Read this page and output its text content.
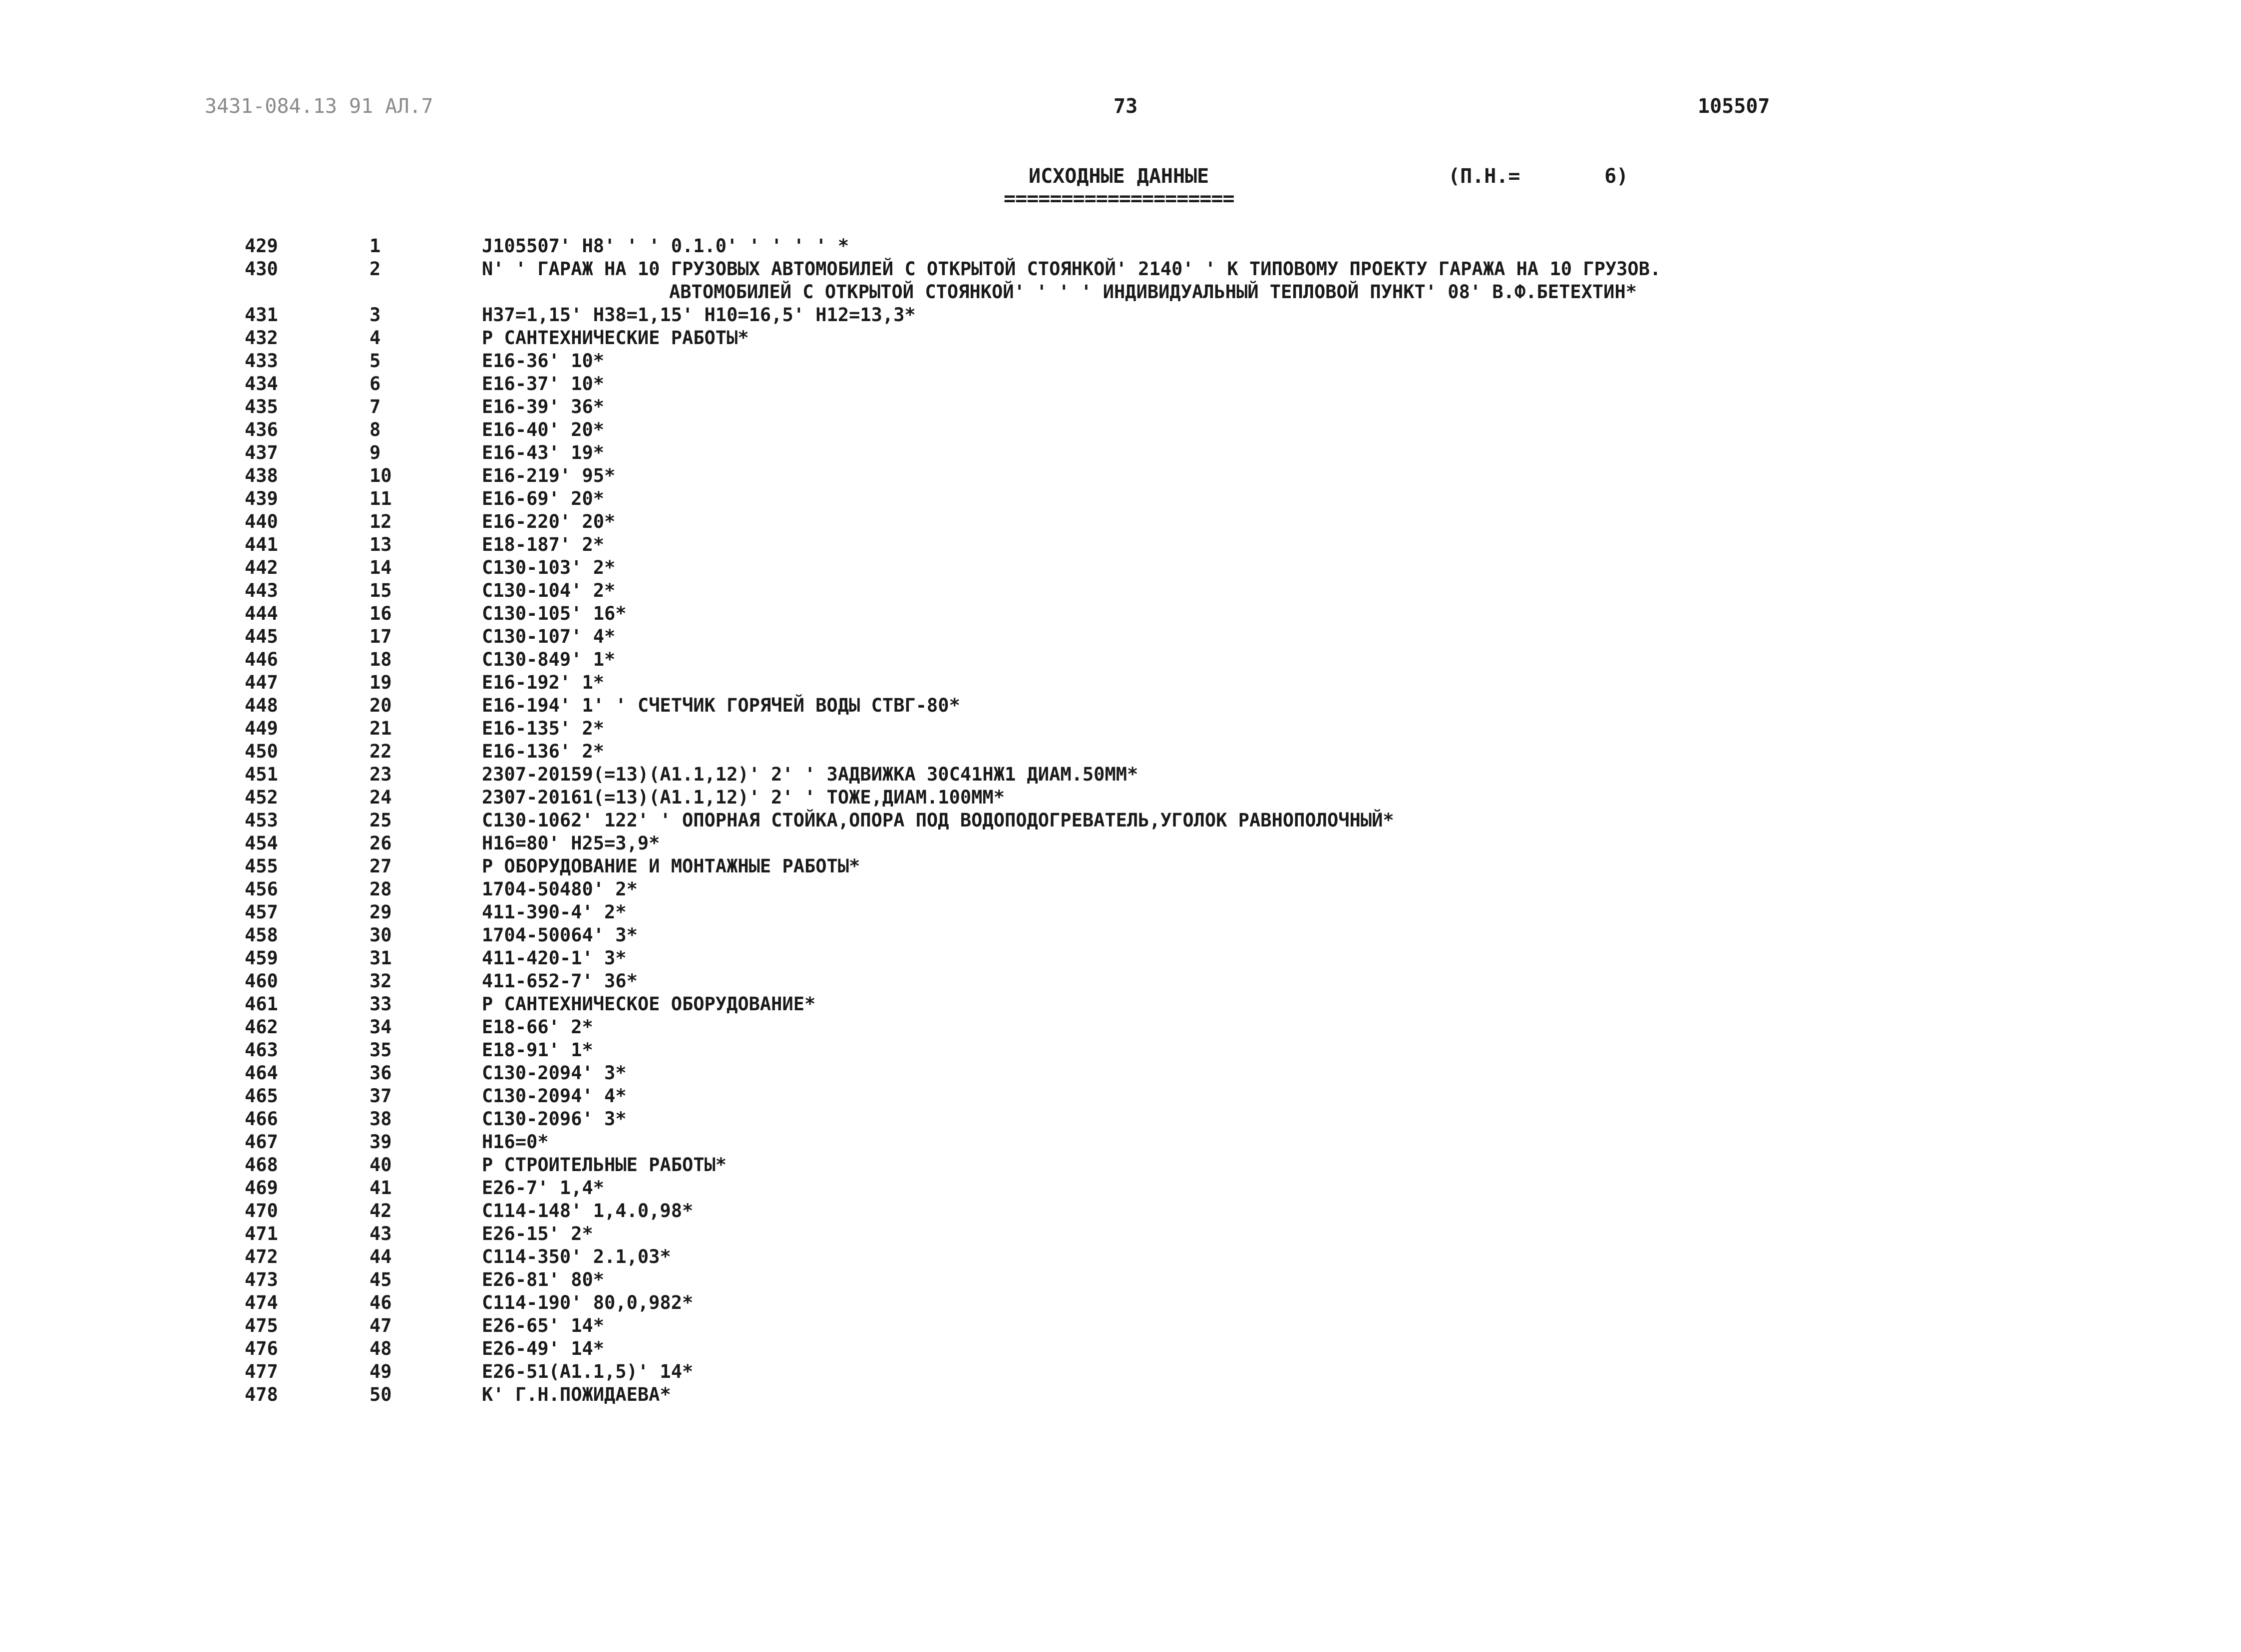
3431-084.13 91 AЛ.7	73	105507
ИСХОДНЫЕ ДАННЫЕ	(П.Н.=       6)
====================
429	1	J105507' H8' ' ' 0.1.0' ' ' ' ' *
430	2	N' ' ГАРАЖ НА 10 ГРУЗОВЫХ АВТОМОБИЛЕЙ С ОТКРЫТОЙ СТОЯНКОЙ' 2140' ' К ТИПОВОМУ ПРОЕКТУ ГАРАЖА НА 10 ГРУЗОВ.
АВТОМОБИЛЕЙ С ОТКРЫТОЙ СТОЯНКОЙ' ' ' ' ИНДИВИДУАЛЬНЫЙ ТЕПЛОВОЙ ПУНКТ' 08' В.Ф.БЕТЕХТИН*
431	3	H37=1,15' H38=1,15' H10=16,5' H12=13,3*
432	4	P САНТЕХНИЧЕСКИЕ РАБОТЫ*
433	5	E16-36' 10*
434	6	E16-37' 10*
435	7	E16-39' 36*
436	8	E16-40' 20*
437	9	E16-43' 19*
438	10	E16-219' 95*
439	11	E16-69' 20*
440	12	E16-220' 20*
441	13	E18-187' 2*
442	14	C130-103' 2*
443	15	C130-104' 2*
444	16	C130-105' 16*
445	17	C130-107' 4*
446	18	C130-849' 1*
447	19	E16-192' 1*
448	20	E16-194' 1' ' СЧЕТЧИК ГОРЯЧЕЙ ВОДЫ СТВГ-80*
449	21	E16-135' 2*
450	22	E16-136' 2*
451	23	2307-20159(=13)(A1.1,12)' 2' ' ЗАДВИЖКА 30С41НЖ1 ДИАМ.50ММ*
452	24	2307-20161(=13)(A1.1,12)' 2' ' ТОЖЕ,ДИАМ.100ММ*
453	25	C130-1062' 122' ' ОПОРНАЯ СТОЙКА,ОПОРА ПОД ВОДОПОДОГРЕВАТЕЛЬ,УГОЛОК РАВНОПОЛОЧНЫЙ*
454	26	H16=80' H25=3,9*
455	27	P ОБОРУДОВАНИЕ И МОНТАЖНЫЕ РАБОТЫ*
456	28	1704-50480' 2*
457	29	411-390-4' 2*
458	30	1704-50064' 3*
459	31	411-420-1' 3*
460	32	411-652-7' 36*
461	33	P САНТЕХНИЧЕСКОЕ ОБОРУДОВАНИЕ*
462	34	E18-66' 2*
463	35	E18-91' 1*
464	36	C130-2094' 3*
465	37	C130-2094' 4*
466	38	C130-2096' 3*
467	39	H16=0*
468	40	P СТРОИТЕЛЬНЫЕ РАБОТЫ*
469	41	E26-7' 1,4*
470	42	C114-148' 1,4.0,98*
471	43	E26-15' 2*
472	44	C114-350' 2.1,03*
473	45	E26-81' 80*
474	46	C114-190' 80,0,982*
475	47	E26-65' 14*
476	48	E26-49' 14*
477	49	E26-51(A1.1,5)' 14*
478	50	K' Г.Н.ПОЖИДАЕВА*
